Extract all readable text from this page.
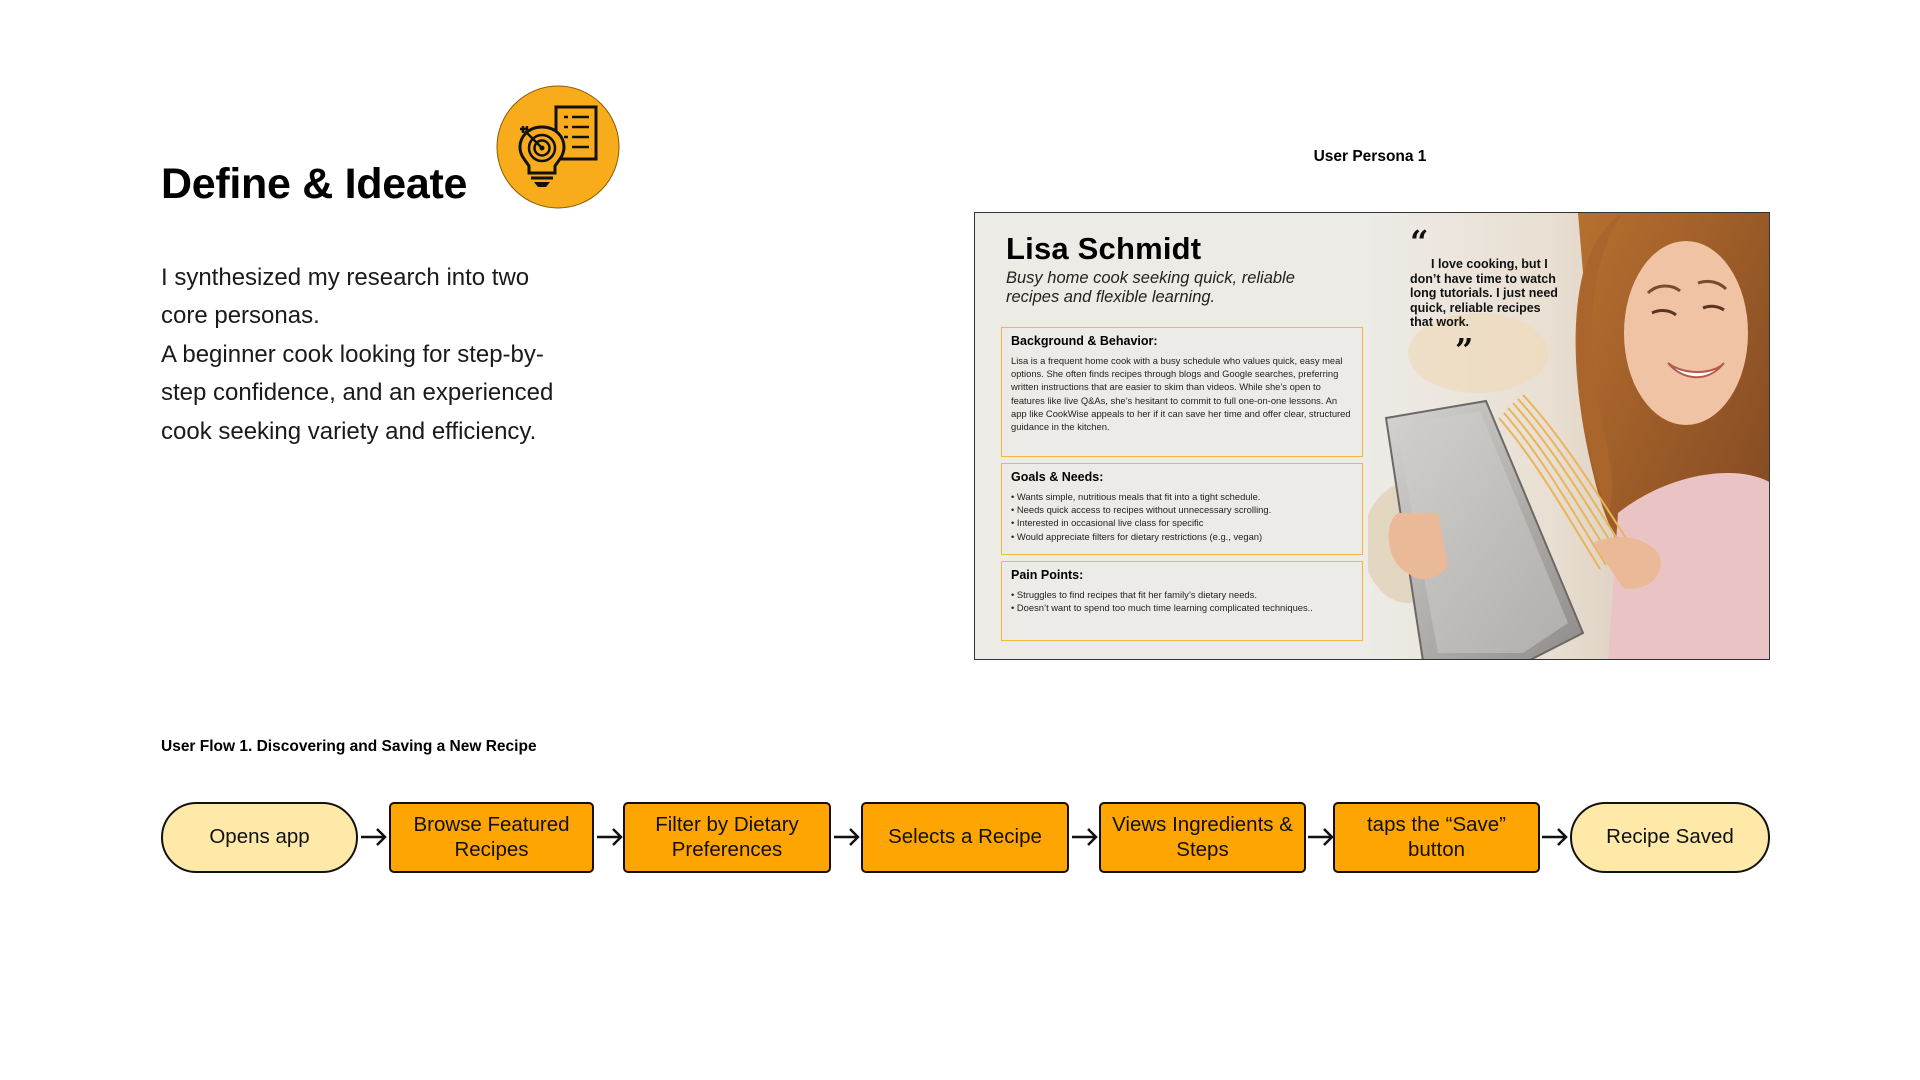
Define & Ideate

I synthesized my research into two core personas.

A beginner cook looking for step-by-step confidence, and an experienced cook seeking variety and efficiency.

User Persona 1
Lisa Schmidt
Busy home cook seeking quick, reliable recipes and flexible learning.
Background & Behavior:

Lisa is a frequent home cook with a busy schedule who values quick, easy meal options. She often finds recipes through blogs and Google searches, preferring written instructions that are easier to skim than videos. While she’s open to features like live Q&As, she’s hesitant to commit to full one-on-one lessons. An app like CookWise appeals to her if it can save her time and offer clear, structured guidance in the kitchen.

Goals & Needs:
• Wants simple, nutritious meals that fit into a tight schedule.
• Needs quick access to recipes without unnecessary scrolling.
• Interested in occasional live class for specific
• Would appreciate filters for dietary restrictions (e.g., vegan)
Pain Points:
• Struggles to find recipes that fit her family’s dietary needs.
• Doesn’t want to spend too much time learning complicated techniques..
“
I love cooking, but I don’t have time to watch long tutorials. I just need quick, reliable recipes that work.
”
User Flow 1. Discovering and Saving a New Recipe
Opens app
Browse Featured Recipes
Filter by Dietary Preferences
Selects a Recipe
Views Ingredients & Steps
taps the “Save” button
Recipe Saved
